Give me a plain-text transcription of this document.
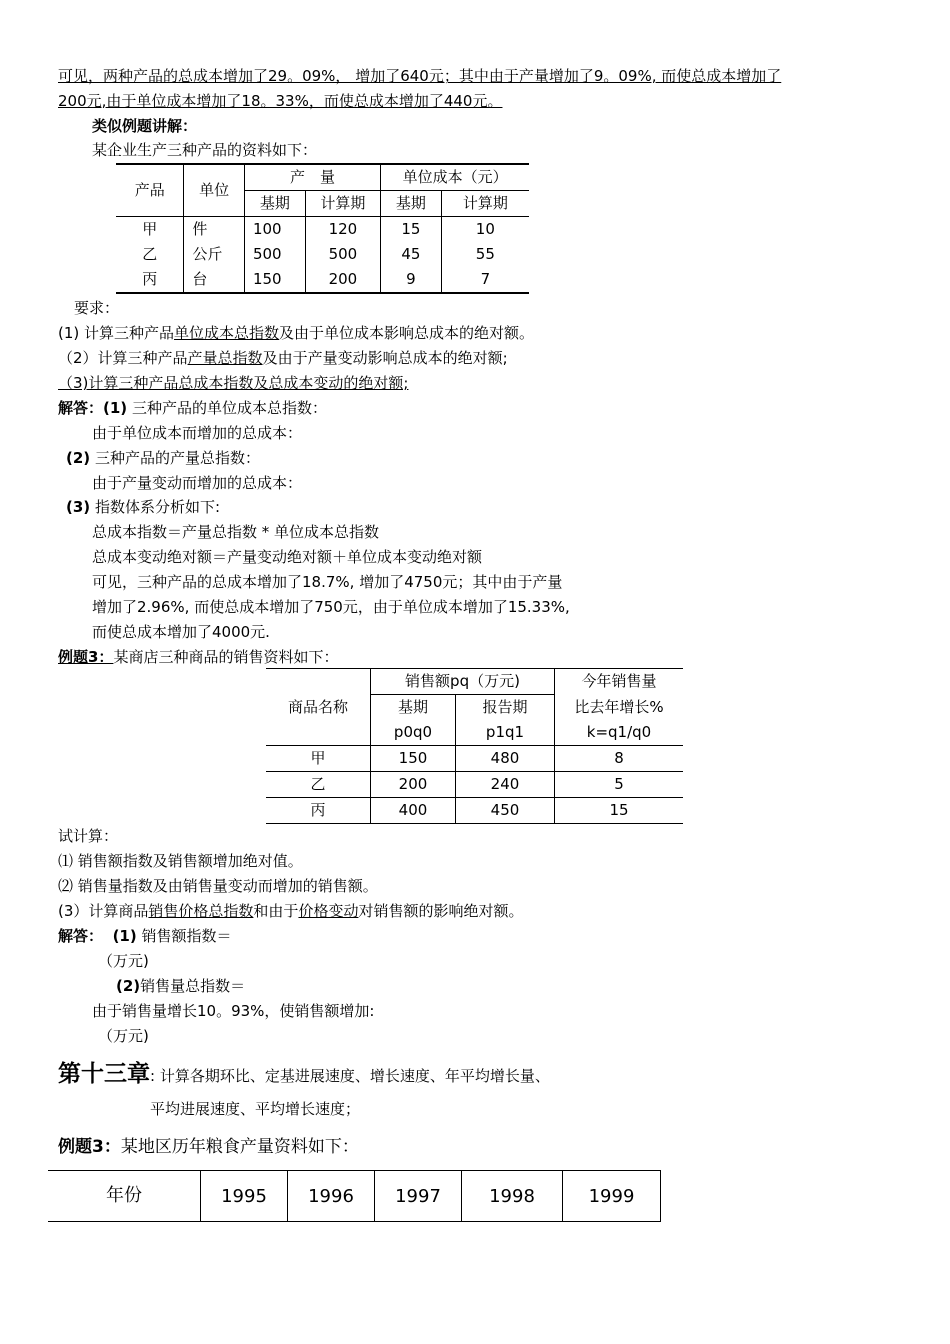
可见，两种产品的总成本增加了29。09%， 增加了640元；其中由于产量增加了9。09%, 而使总成本增加了
200元,由于单位成本增加了18。33%，而使总成本增加了440元。
类似例题讲解：
某企业生产三种产品的资料如下：
产品	单位	产　量		单位成本（元）	
		基期	计算期	基期	计算期
甲	件	100	120	15	10
乙	公斤	500	500	45	55
丙	台	150	200	9	7
要求：
(1) 计算三种产品单位成本总指数及由于单位成本影响总成本的绝对额。
（2）计算三种产品产量总指数及由于产量变动影响总成本的绝对额;
（3)计算三种产品总成本指数及总成本变动的绝对额;
解答：(1) 三种产品的单位成本总指数：
由于单位成本而增加的总成本：
(2) 三种产品的产量总指数：
由于产量变动而增加的总成本：
(3) 指数体系分析如下:
总成本指数＝产量总指数 * 单位成本总指数
总成本变动绝对额＝产量变动绝对额＋单位成本变动绝对额
可见，三种产品的总成本增加了18.7%, 增加了4750元；其中由于产量
增加了2.96%, 而使总成本增加了750元，由于单位成本增加了15.33%,
而使总成本增加了4000元.
例题3：某商店三种商品的销售资料如下：
商品名称	销售额pq（万元)		今年销售量
	基期	报告期	比去年增长%
	p0q0	p1q1	k=q1/q0
甲	150	480	8
乙	200	240	5
丙	400	450	15
试计算：
⑴ 销售额指数及销售额增加绝对值。
⑵ 销售量指数及由销售量变动而增加的销售额。
(3）计算商品销售价格总指数和由于价格变动对销售额的影响绝对额。
解答： (1) 销售额指数＝
（万元)
(2)销售量总指数＝
由于销售量增长10。93%，使销售额增加:
（万元)
第十三章: 计算各期环比、定基进展速度、增长速度、年平均增长量、
平均进展速度、平均增长速度；
例题3：某地区历年粮食产量资料如下：
年份	1995	1996	1997	1998	1999
